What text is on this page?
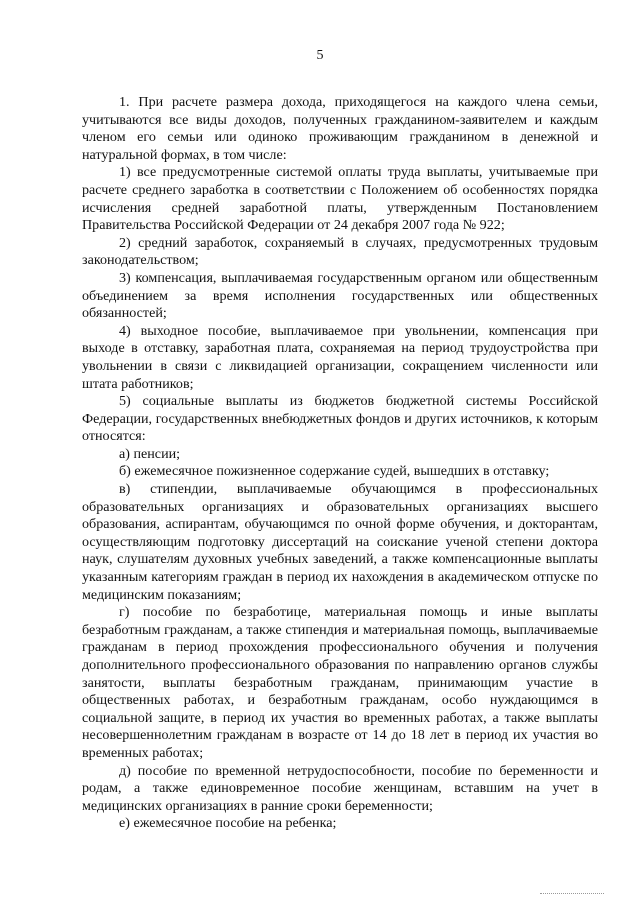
5

1. При расчете размера дохода, приходящегося на каждого члена семьи, учитываются все виды доходов, полученных гражданином-заявителем и каждым членом его семьи или одиноко проживающим гражданином в денежной и натуральной формах, в том числе:

1) все предусмотренные системой оплаты труда выплаты, учитываемые при расчете среднего заработка в соответствии с Положением об особенностях порядка исчисления средней заработной платы, утвержденным Постановлением Правительства Российской Федерации от 24 декабря 2007 года № 922;

2) средний заработок, сохраняемый в случаях, предусмотренных трудовым законодательством;

3) компенсация, выплачиваемая государственным органом или общественным объединением за время исполнения государственных или общественных обязанностей;

4) выходное пособие, выплачиваемое при увольнении, компенсация при выходе в отставку, заработная плата, сохраняемая на период трудоустройства при увольнении в связи с ликвидацией организации, сокращением численности или штата работников;

5) социальные выплаты из бюджетов бюджетной системы Российской Федерации, государственных внебюджетных фондов и других источников, к которым относятся:

а) пенсии;

б) ежемесячное пожизненное содержание судей, вышедших в отставку;

в) стипендии, выплачиваемые обучающимся в профессиональных образовательных организациях и образовательных организациях высшего образования, аспирантам, обучающимся по очной форме обучения, и докторантам, осуществляющим подготовку диссертаций на соискание ученой степени доктора наук, слушателям духовных учебных заведений, а также компенсационные выплаты указанным категориям граждан в период их нахождения в академическом отпуске по медицинским показаниям;

г) пособие по безработице, материальная помощь и иные выплаты безработным гражданам, а также стипендия и материальная помощь, выплачиваемые гражданам в период прохождения профессионального обучения и получения дополнительного профессионального образования по направлению органов службы занятости, выплаты безработным гражданам, принимающим участие в общественных работах, и безработным гражданам, особо нуждающимся в социальной защите, в период их участия во временных работах, а также выплаты несовершеннолетним гражданам в возрасте от 14 до 18 лет в период их участия во временных работах;

д) пособие по временной нетрудоспособности, пособие по беременности и родам, а также единовременное пособие женщинам, вставшим на учет в медицинских организациях в ранние сроки беременности;

е) ежемесячное пособие на ребенка;
